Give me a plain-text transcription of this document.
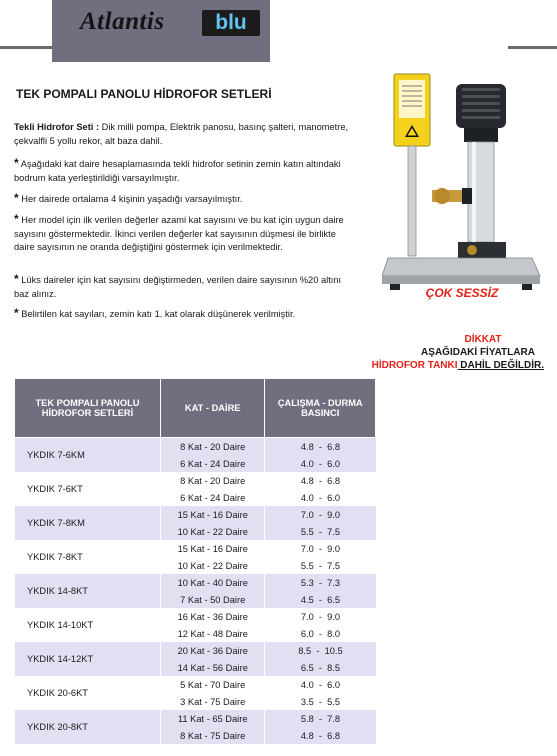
Atlantis	blu
TEK POMPALI PANOLU HİDROFOR SETLERİ
Tekli Hidrofor Seti : Dik milli pompa, Elektrik panosu, basınç şalteri, manometre, çekvalfli 5 yollu rekor, alt baza dahil.
* Aşağıdaki kat daire hesaplamasında tekli hidrofor setinin zemin katın altındaki bodrum kata yerleştirildiği varsayılmıştır.
* Her dairede ortalama 4 kişinin yaşadığı varsayılmıştır.
* Her model için ilk verilen değerler azami kat sayısını ve bu kat için uygun daire sayısını göstermektedir. İkinci verilen değerler kat sayısının düşmesi ile birlikte daire sayısının ne oranda değiştiğini göstermek için verilmektedir.
* Lüks daireler için kat sayısını değiştirmeden, verilen daire sayısının %20 altını baz alınız.
* Belirtilen kat sayıları, zemin katı 1. kat olarak düşünerek verilmiştir.
ÇOK SESSİZ
DİKKAT
AŞAĞIDAKİ FİYATLARA
HİDROFOR TANKI DAHİL DEĞİLDİR.
TEK POMPALI PANOLU HİDROFOR SETLERİ	KAT - DAİRE	ÇALIŞMA - DURMA BASINCI
YKDIK 7-6KM	8 Kat - 20 Daire	4.8  -  6.8
	6 Kat - 24 Daire	4.0  -  6.0
YKDIK 7-6KT	8 Kat - 20 Daire	4.8  -  6.8
	6 Kat - 24 Daire	4.0  -  6.0
YKDIK 7-8KM	15 Kat - 16 Daire	7.0  -  9.0
	10 Kat - 22 Daire	5.5  -  7.5
YKDIK 7-8KT	15 Kat - 16 Daire	7.0  -  9.0
	10 Kat - 22 Daire	5.5  -  7.5
YKDIK 14-8KT	10 Kat - 40 Daire	5.3  -  7.3
	7 Kat - 50 Daire	4.5  -  6.5
YKDIK 14-10KT	16 Kat - 36 Daire	7.0  -  9.0
	12 Kat - 48 Daire	6.0  -  8.0
YKDIK 14-12KT	20 Kat - 36 Daire	8.5  -  10.5
	14 Kat - 56 Daire	6.5  -  8.5
YKDIK 20-6KT	5 Kat - 70 Daire	4.0  -  6.0
	3 Kat - 75 Daire	3.5  -  5.5
YKDIK 20-8KT	11 Kat - 65 Daire	5.8  -  7.8
	8 Kat - 75 Daire	4.8  -  6.8
